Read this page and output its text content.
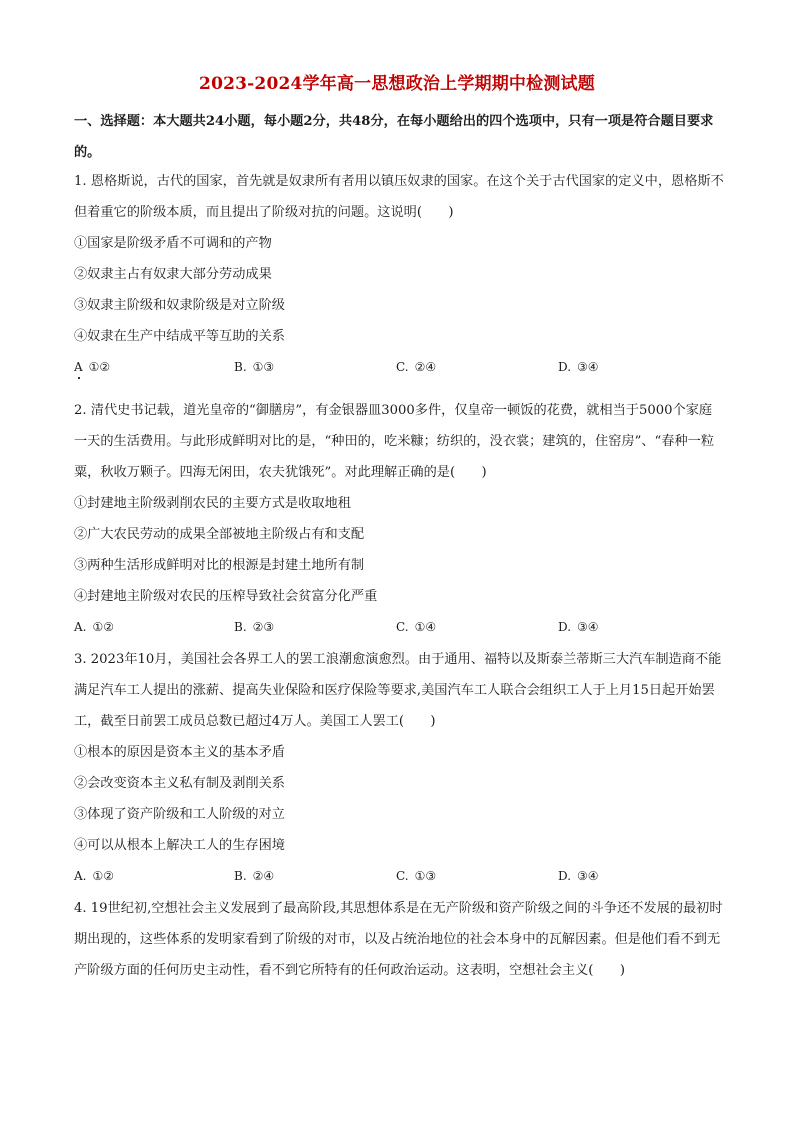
2023-2024学年高一思想政治上学期期中检测试题
一、选择题：本大题共24小题，每小题2分，共48分，在每小题给出的四个选项中，只有一项是符合题目要求的。

1. 恩格斯说，古代的国家，首先就是奴隶所有者用以镇压奴隶的国家。在这个关于古代国家的定义中，恩格斯不但着重它的阶级本质，而且提出了阶级对抗的问题。这说明(　　)

①国家是阶级矛盾不可调和的产物

②奴隶主占有奴隶大部分劳动成果

③奴隶主阶级和奴隶阶级是对立阶级

④奴隶在生产中结成平等互助的关系

A ①②	B. ①③	C. ②④	D. ③④

2. 清代史书记载，道光皇帝的“御膳房”，有金银器皿3000多件，仅皇帝一顿饭的花费，就相当于5000个家庭一天的生活费用。与此形成鲜明对比的是，“种田的，吃米糠；纺织的，没衣裳；建筑的，住窑房”、“春种一粒粟，秋收万颗子。四海无闲田，农夫犹饿死”。对此理解正确的是(　　)

①封建地主阶级剥削农民的主要方式是收取地租

②广大农民劳动的成果全部被地主阶级占有和支配

③两种生活形成鲜明对比的根源是封建土地所有制

④封建地主阶级对农民的压榨导致社会贫富分化严重

A. ①②	B. ②③	C. ①④	D. ③④

3. 2023年10月，美国社会各界工人的罢工浪潮愈演愈烈。由于通用、福特以及斯泰兰蒂斯三大汽车制造商不能满足汽车工人提出的涨薪、提高失业保险和医疗保险等要求,美国汽车工人联合会组织工人于上月15日起开始罢工，截至日前罢工成员总数已超过4万人。美国工人罢工(　　)

①根本的原因是资本主义的基本矛盾

②会改变资本主义私有制及剥削关系

③体现了资产阶级和工人阶级的对立

④可以从根本上解决工人的生存困境

A. ①②	B. ②④	C. ①③	D. ③④

4. 19世纪初,空想社会主义发展到了最高阶段,其思想体系是在无产阶级和资产阶级之间的斗争还不发展的最初时期出现的，这些体系的发明家看到了阶级的对市，以及占统治地位的社会本身中的瓦解因素。但是他们看不到无产阶级方面的任何历史主动性，看不到它所特有的任何政治运动。这表明，空想社会主义(　　)
